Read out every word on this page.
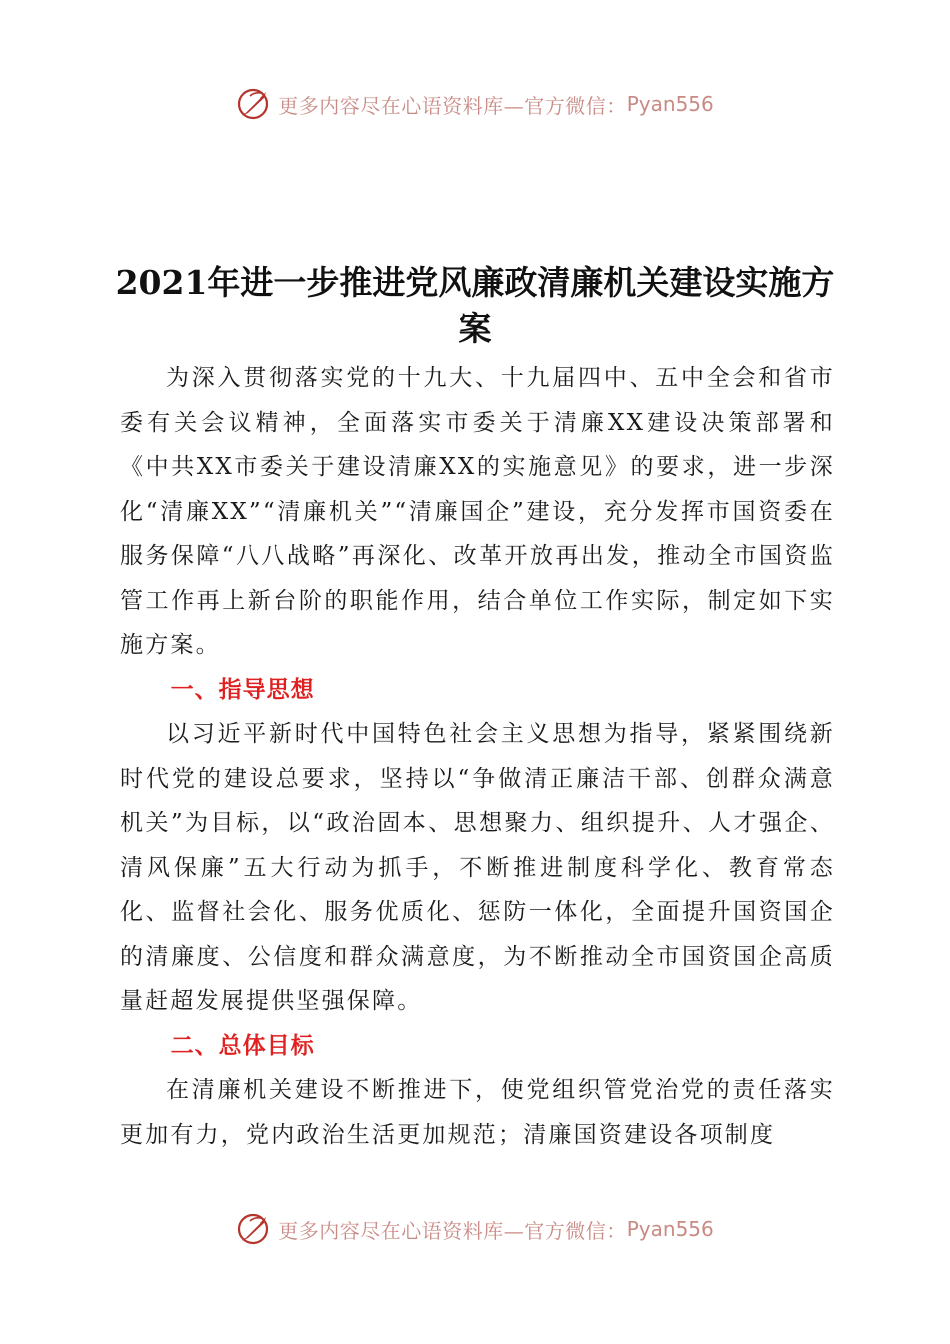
更多内容尽在心语资料库—官方微信： Pyan556
2021年进一步推进党风廉政清廉机关建设实施方案

为深入贯彻落实党的十九大、十九届四中、五中全会和省市委有关会议精神，全面落实市委关于清廉XX建设决策部署和《中共XX市委关于建设清廉XX的实施意见》的要求，进一步深化“清廉XX”“清廉机关”“清廉国企”建设，充分发挥市国资委在服务保障“八八战略”再深化、改革开放再出发，推动全市国资监管工作再上新台阶的职能作用，结合单位工作实际，制定如下实施方案。

一、指导思想

以习近平新时代中国特色社会主义思想为指导，紧紧围绕新时代党的建设总要求，坚持以“争做清正廉洁干部、创群众满意机关”为目标，以“政治固本、思想聚力、组织提升、人才强企、清风保廉”五大行动为抓手，不断推进制度科学化、教育常态化、监督社会化、服务优质化、惩防一体化，全面提升国资国企的清廉度、公信度和群众满意度，为不断推动全市国资国企高质量赶超发展提供坚强保障。

二、总体目标

在清廉机关建设不断推进下，使党组织管党治党的责任落实更加有力，党内政治生活更加规范；清廉国资建设各项制度

更多内容尽在心语资料库—官方微信： Pyan556
